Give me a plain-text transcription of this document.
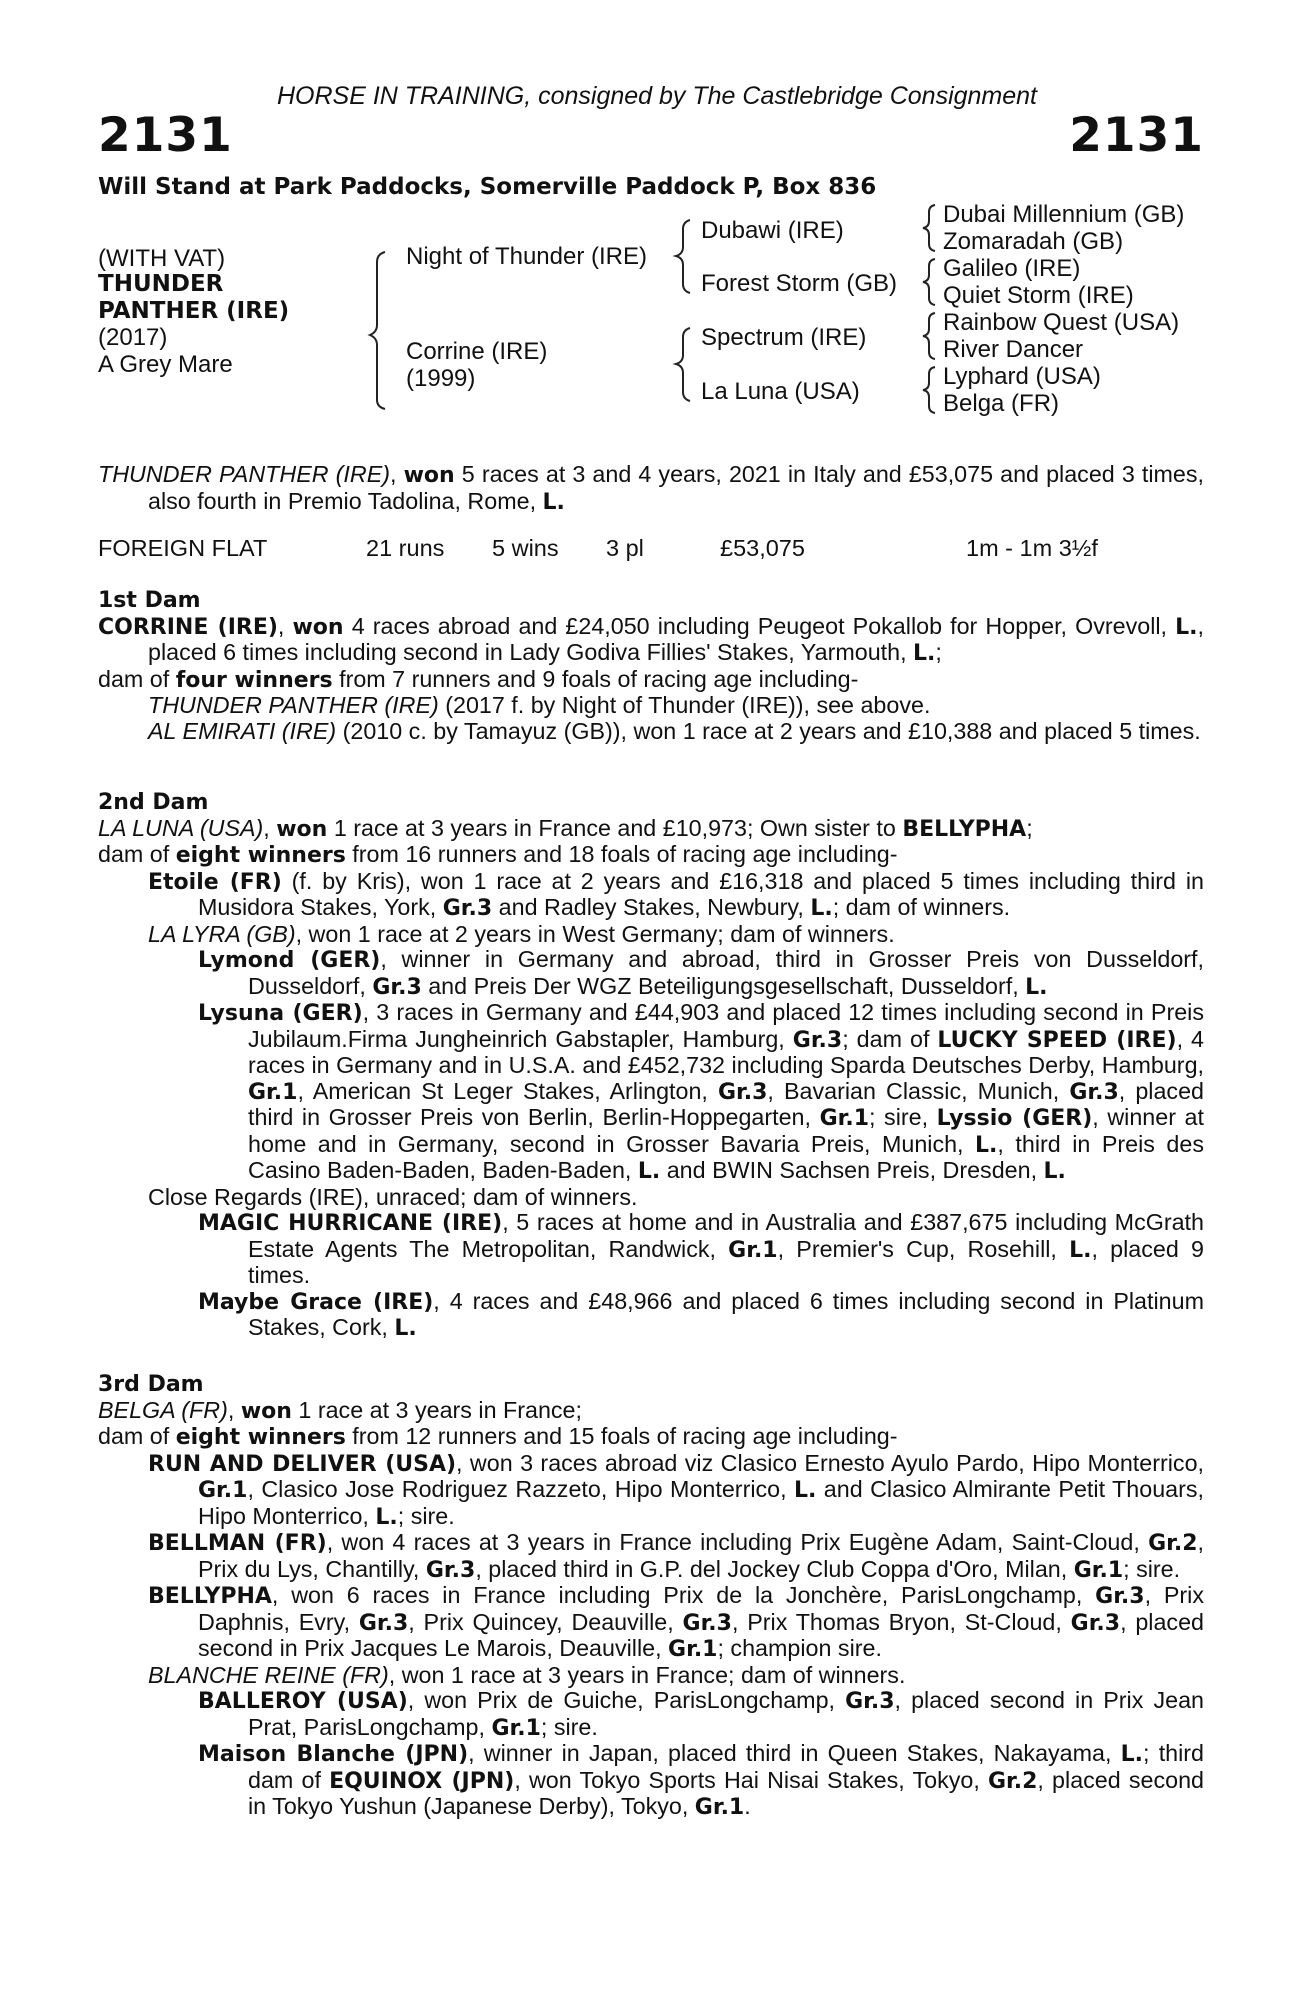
HORSE IN TRAINING, consigned by The Castlebridge Consignment
2131	2131
Will Stand at Park Paddocks, Somerville Paddock P, Box 836
(WITH VAT)
THUNDER
PANTHER (IRE)
(2017)
A Grey Mare
Night of Thunder (IRE)
Corrine (IRE)
(1999)
Dubawi (IRE)
Forest Storm (GB)
Spectrum (IRE)
La Luna (USA)
Dubai Millennium (GB)
Zomaradah (GB)
Galileo (IRE)
Quiet Storm (IRE)
Rainbow Quest (USA)
River Dancer
Lyphard (USA)
Belga (FR)

THUNDER PANTHER (IRE), won 5 races at 3 and 4 years, 2021 in Italy and £53,075 and placed 3 times, also fourth in Premio Tadolina, Rome, L.

FOREIGN FLAT	21 runs 5 wins 3 pl	£53,075	1m - 1m 3½f

1st Dam

CORRINE (IRE), won 4 races abroad and £24,050 including Peugeot Pokallob for Hopper, Ovrevoll, L., placed 6 times including second in Lady Godiva Fillies' Stakes, Yarmouth, L.;

dam of four winners from 7 runners and 9 foals of racing age including-

THUNDER PANTHER (IRE) (2017 f. by Night of Thunder (IRE)), see above.

AL EMIRATI (IRE) (2010 c. by Tamayuz (GB)), won 1 race at 2 years and £10,388 and placed 5 times.

2nd Dam

LA LUNA (USA), won 1 race at 3 years in France and £10,973; Own sister to BELLYPHA;

dam of eight winners from 16 runners and 18 foals of racing age including-

Etoile (FR) (f. by Kris), won 1 race at 2 years and £16,318 and placed 5 times including third in Musidora Stakes, York, Gr.3 and Radley Stakes, Newbury, L.; dam of winners.

LA LYRA (GB), won 1 race at 2 years in West Germany; dam of winners.

Lymond (GER), winner in Germany and abroad, third in Grosser Preis von Dusseldorf, Dusseldorf, Gr.3 and Preis Der WGZ Beteiligungsgesellschaft, Dusseldorf, L.

Lysuna (GER), 3 races in Germany and £44,903 and placed 12 times including second in Preis Jubilaum.Firma Jungheinrich Gabstapler, Hamburg, Gr.3; dam of LUCKY SPEED (IRE), 4 races in Germany and in U.S.A. and £452,732 including Sparda Deutsches Derby, Hamburg, Gr.1, American St Leger Stakes, Arlington, Gr.3, Bavarian Classic, Munich, Gr.3, placed third in Grosser Preis von Berlin, Berlin-Hoppegarten, Gr.1; sire, Lyssio (GER), winner at home and in Germany, second in Grosser Bavaria Preis, Munich, L., third in Preis des Casino Baden-Baden, Baden-Baden, L. and BWIN Sachsen Preis, Dresden, L.

Close Regards (IRE), unraced; dam of winners.

MAGIC HURRICANE (IRE), 5 races at home and in Australia and £387,675 including McGrath Estate Agents The Metropolitan, Randwick, Gr.1, Premier's Cup, Rosehill, L., placed 9 times.

Maybe Grace (IRE), 4 races and £48,966 and placed 6 times including second in Platinum Stakes, Cork, L.

3rd Dam

BELGA (FR), won 1 race at 3 years in France;

dam of eight winners from 12 runners and 15 foals of racing age including-

RUN AND DELIVER (USA), won 3 races abroad viz Clasico Ernesto Ayulo Pardo, Hipo Monterrico, Gr.1, Clasico Jose Rodriguez Razzeto, Hipo Monterrico, L. and Clasico Almirante Petit Thouars, Hipo Monterrico, L.; sire.

BELLMAN (FR), won 4 races at 3 years in France including Prix Eugène Adam, Saint-Cloud, Gr.2, Prix du Lys, Chantilly, Gr.3, placed third in G.P. del Jockey Club Coppa d'Oro, Milan, Gr.1; sire.

BELLYPHA, won 6 races in France including Prix de la Jonchère, ParisLongchamp, Gr.3, Prix Daphnis, Evry, Gr.3, Prix Quincey, Deauville, Gr.3, Prix Thomas Bryon, St-Cloud, Gr.3, placed second in Prix Jacques Le Marois, Deauville, Gr.1; champion sire.

BLANCHE REINE (FR), won 1 race at 3 years in France; dam of winners.

BALLEROY (USA), won Prix de Guiche, ParisLongchamp, Gr.3, placed second in Prix Jean Prat, ParisLongchamp, Gr.1; sire.

Maison Blanche (JPN), winner in Japan, placed third in Queen Stakes, Nakayama, L.; third dam of EQUINOX (JPN), won Tokyo Sports Hai Nisai Stakes, Tokyo, Gr.2, placed second in Tokyo Yushun (Japanese Derby), Tokyo, Gr.1.
